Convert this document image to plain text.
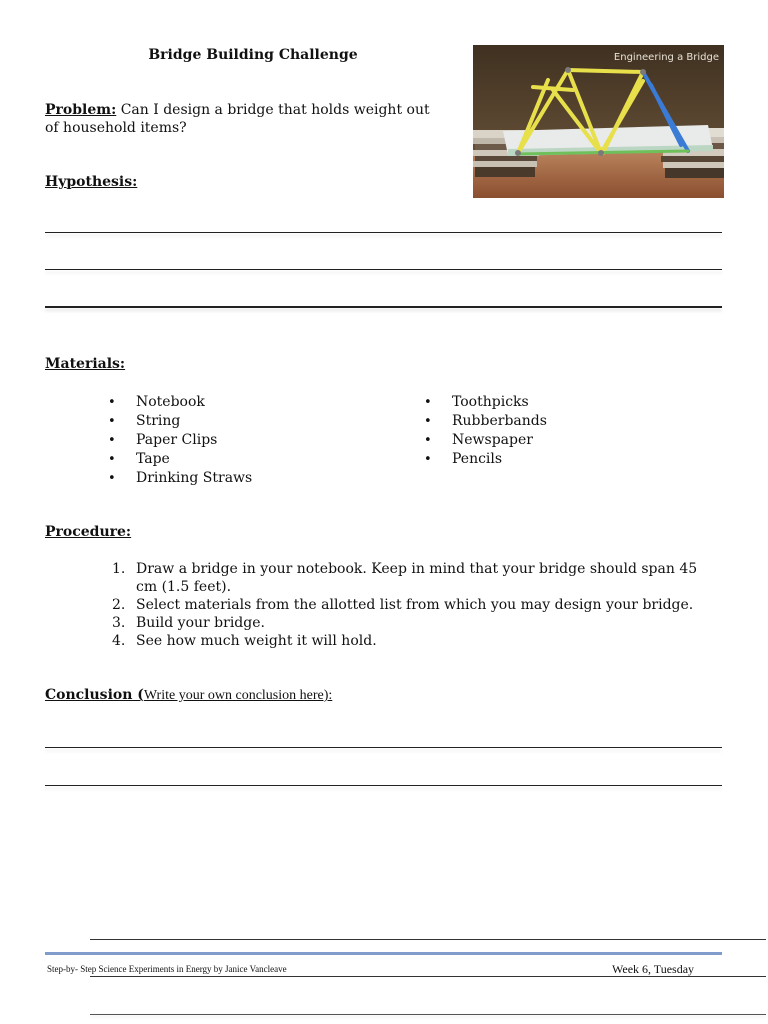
Bridge Building Challenge
Problem: Can I design a bridge that holds weight out of household items?
Hypothesis:
Engineering a Bridge
Materials:
• Notebook
• String
• Paper Clips
• Tape
• Drinking Straws
• Toothpicks
• Rubberbands
• Newspaper
• Pencils
Procedure:
1. Draw a bridge in your notebook. Keep in mind that your bridge should span 45 cm (1.5 feet).
2. Select materials from the allotted list from which you may design your bridge.
3. Build your bridge.
4. See how much weight it will hold.
Conclusion (Write your own conclusion here):
Step-by- Step Science Experiments in Energy by Janice Vancleave	Week 6, Tuesday
